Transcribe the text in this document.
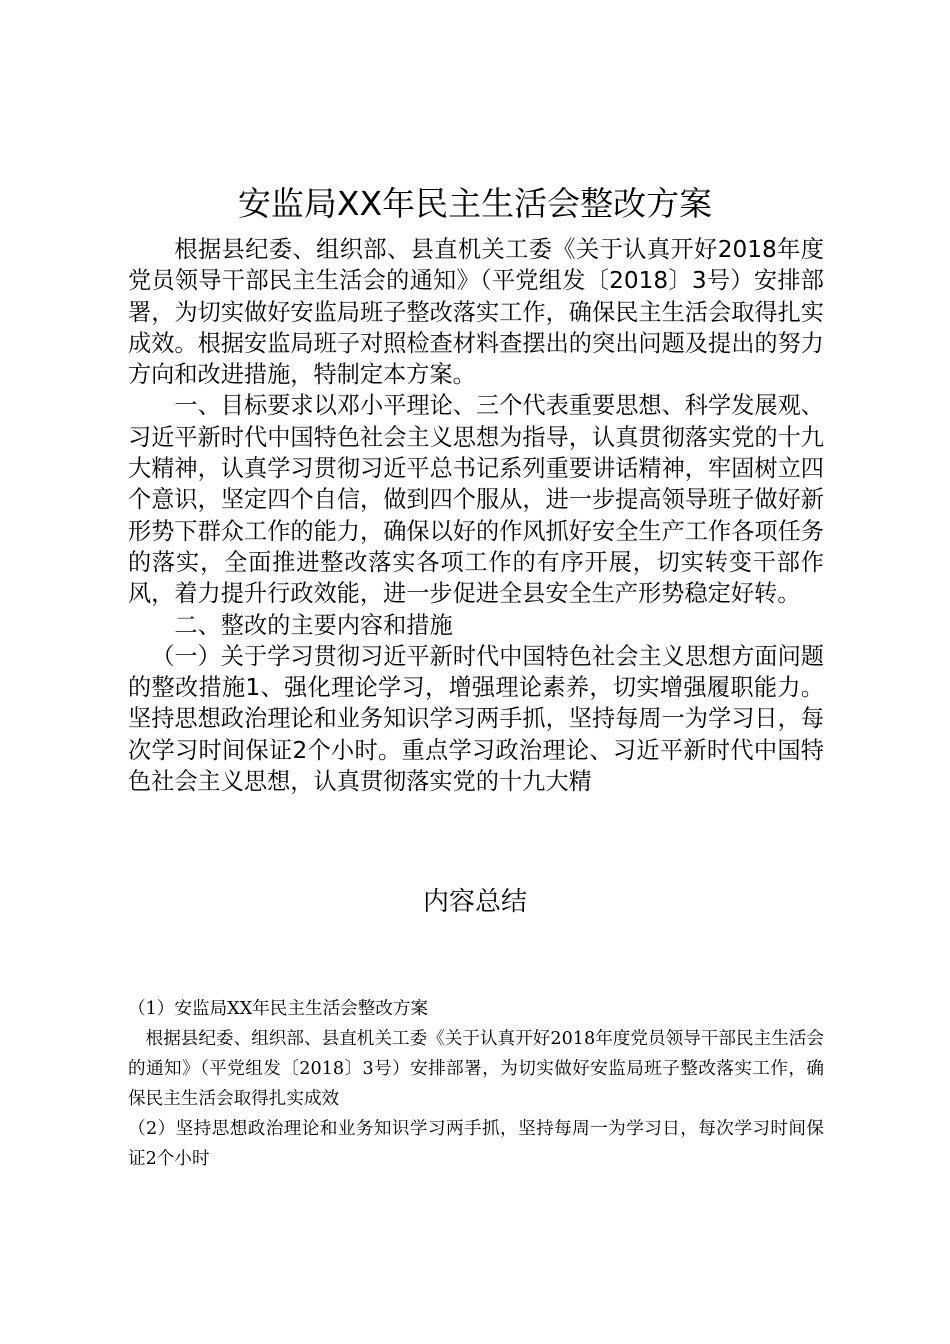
安监局XX年民主生活会整改方案

根据县纪委、组织部、县直机关工委《关于认真开好2018年度党员领导干部民主生活会的通知》（平党组发〔2018〕3号）安排部署，为切实做好安监局班子整改落实工作，确保民主生活会取得扎实成效。根据安监局班子对照检查材料查摆出的突出问题及提出的努力方向和改进措施，特制定本方案。

一、目标要求以邓小平理论、三个代表重要思想、科学发展观、习近平新时代中国特色社会主义思想为指导，认真贯彻落实党的十九大精神，认真学习贯彻习近平总书记系列重要讲话精神，牢固树立四个意识，坚定四个自信，做到四个服从，进一步提高领导班子做好新形势下群众工作的能力，确保以好的作风抓好安全生产工作各项任务的落实，全面推进整改落实各项工作的有序开展，切实转变干部作风，着力提升行政效能，进一步促进全县安全生产形势稳定好转。

二、整改的主要内容和措施

（一）关于学习贯彻习近平新时代中国特色社会主义思想方面问题的整改措施1、强化理论学习，增强理论素养，切实增强履职能力。坚持思想政治理论和业务知识学习两手抓，坚持每周一为学习日，每次学习时间保证2个小时。重点学习政治理论、习近平新时代中国特色社会主义思想，认真贯彻落实党的十九大精

内容总结

（1）安监局XX年民主生活会整改方案

根据县纪委、组织部、县直机关工委《关于认真开好2018年度党员领导干部民主生活会的通知》（平党组发〔2018〕3号）安排部署，为切实做好安监局班子整改落实工作，确保民主生活会取得扎实成效

（2）坚持思想政治理论和业务知识学习两手抓，坚持每周一为学习日，每次学习时间保证2个小时
